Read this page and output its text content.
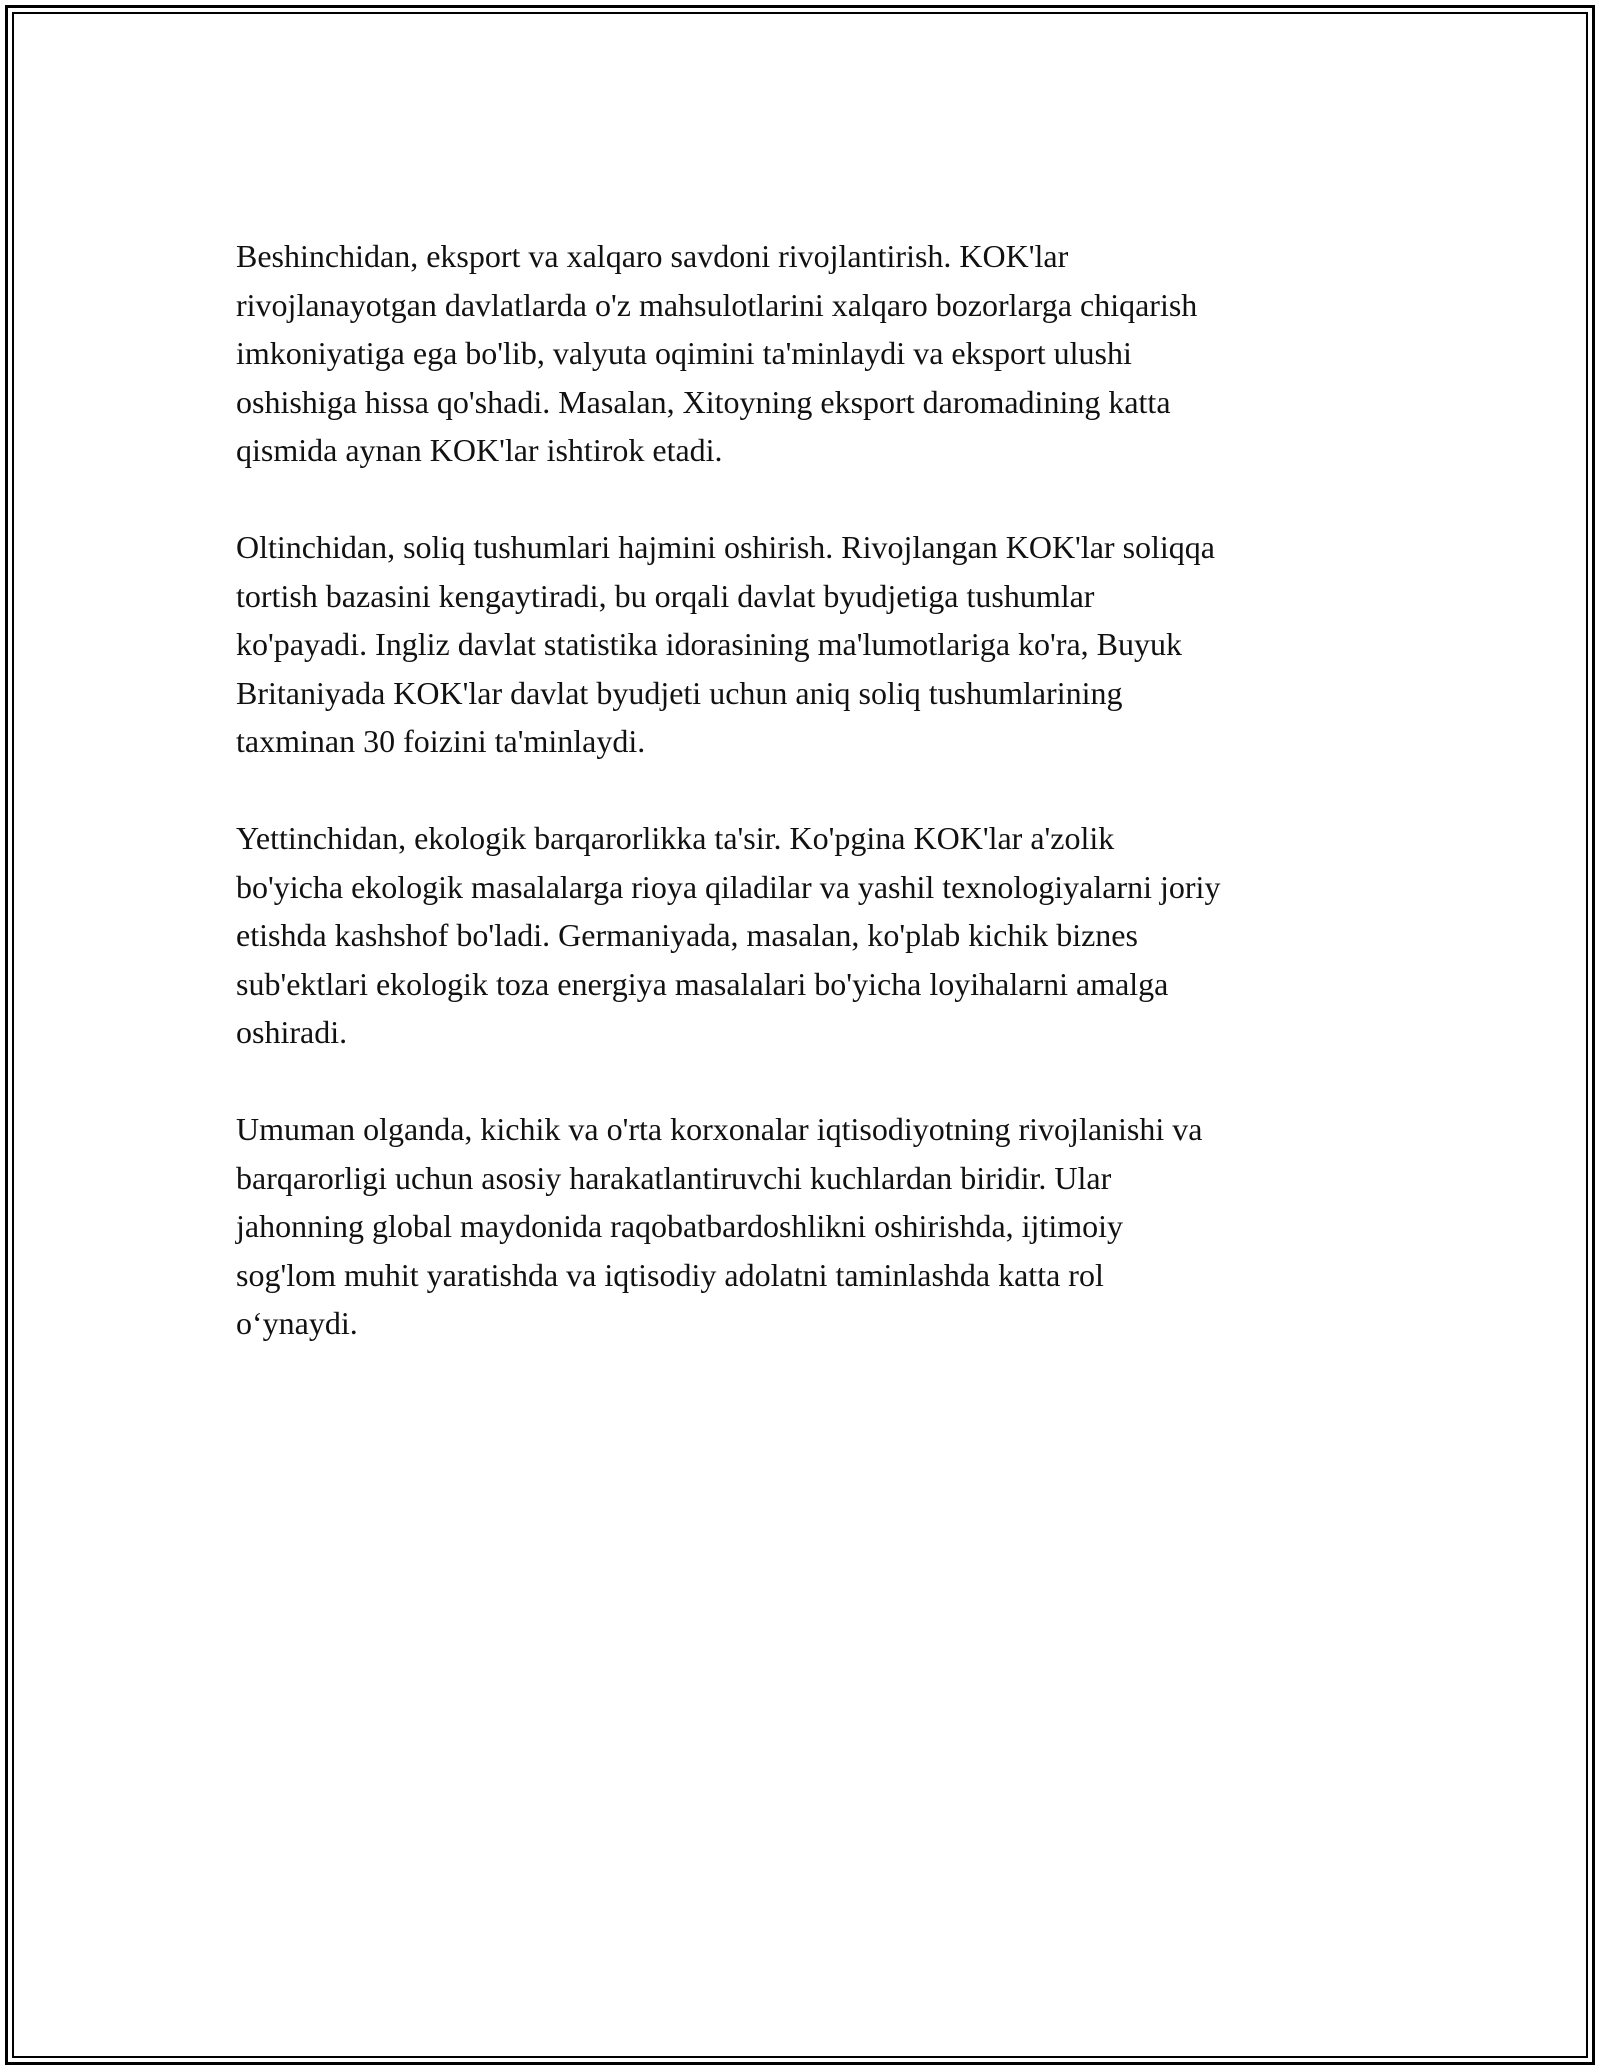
Beshinchidan, eksport va xalqaro savdoni rivojlantirish. KOK'lar
rivojlanayotgan davlatlarda o'z mahsulotlarini xalqaro bozorlarga chiqarish
imkoniyatiga ega bo'lib, valyuta oqimini ta'minlaydi va eksport ulushi
oshishiga hissa qo'shadi. Masalan, Xitoyning eksport daromadining katta
qismida aynan KOK'lar ishtirok etadi.

Oltinchidan, soliq tushumlari hajmini oshirish. Rivojlangan KOK'lar soliqqa
tortish bazasini kengaytiradi, bu orqali davlat byudjetiga tushumlar
ko'payadi. Ingliz davlat statistika idorasining ma'lumotlariga ko'ra, Buyuk
Britaniyada KOK'lar davlat byudjeti uchun aniq soliq tushumlarining
taxminan 30 foizini ta'minlaydi.

Yettinchidan, ekologik barqarorlikka ta'sir. Ko'pgina KOK'lar a'zolik
bo'yicha ekologik masalalarga rioya qiladilar va yashil texnologiyalarni joriy
etishda kashshof bo'ladi. Germaniyada, masalan, ko'plab kichik biznes
sub'ektlari ekologik toza energiya masalalari bo'yicha loyihalarni amalga
oshiradi.

Umuman olganda, kichik va o'rta korxonalar iqtisodiyotning rivojlanishi va
barqarorligi uchun asosiy harakatlantiruvchi kuchlardan biridir. Ular
jahonning global maydonida raqobatbardoshlikni oshirishda, ijtimoiy
sog'lom muhit yaratishda va iqtisodiy adolatni taminlashda katta rol
o‘ynaydi.
